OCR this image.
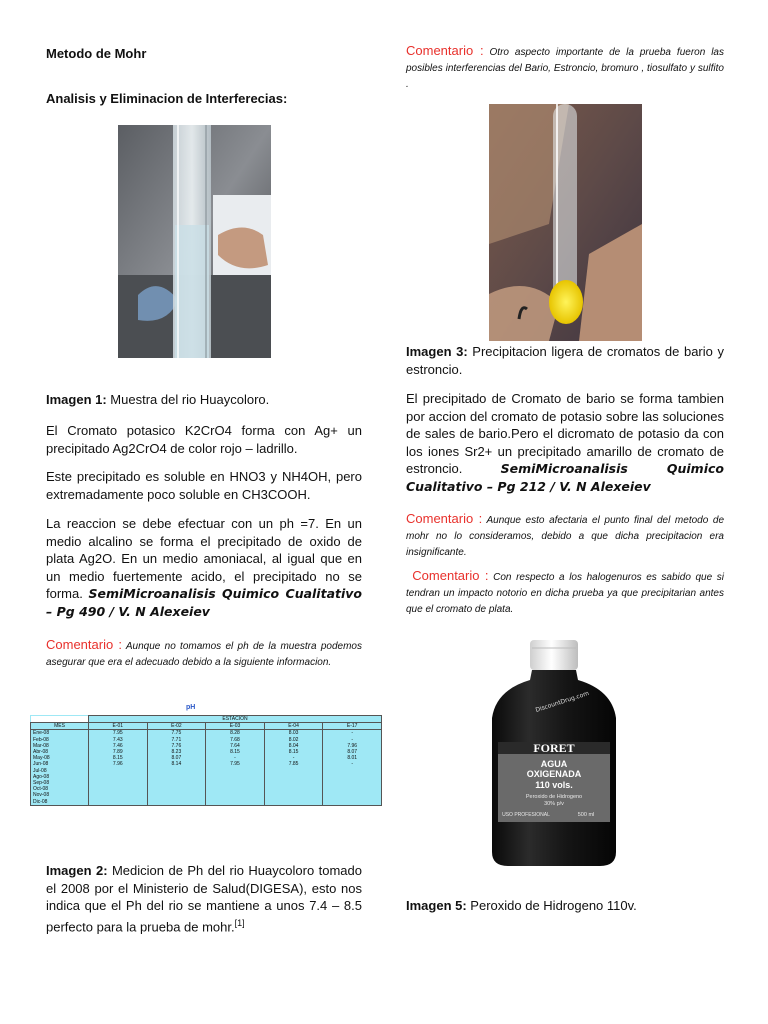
Metodo de Mohr
Analisis y Eliminacion de Interferecias:

Imagen 1: Muestra del rio Huaycoloro.

El Cromato potasico K2CrO4 forma con Ag+ un precipitado Ag2CrO4 de color rojo – ladrillo.

Este precipitado es soluble en HNO3 y NH4OH, pero extremadamente poco soluble en CH3COOH.

La reaccion se debe efectuar con un ph =7. En un medio alcalino se forma el precipitado de oxido de plata Ag2O. En un medio amoniacal, al igual que en un medio fuertemente acido, el precipitado no se forma. SemiMicroanalisis Quimico Cualitativo – Pg 490 / V. N Alexeiev

Comentario : Aunque no tomamos el ph de la muestra podemos asegurar que era el adecuado debido a la siguiente informacion.

pH
	ESTACION				
MES	E-01	E-02	E-03	E-04	E-17
Ene-08	7.95	7.75	8.28	8.03	-
Feb-08	7.43	7.71	7.68	8.02	-
Mar-08	7.46	7.76	7.64	8.04	7.96
Abr-08	7.89	8.23	8.15	8.15	8.07
May-08	8.15	8.07	-	-	8.01
Jun-08	7.96	8.14	7.95	7.85	-
Jul-08					
Ago-08					
Sep-08					
Oct-08					
Nov-08					
Dic-08					

Imagen 2: Medicion de Ph del rio Huaycoloro tomado el 2008 por el Ministerio de Salud(DIGESA), esto nos indica que el Ph del rio se mantiene a unos 7.4 – 8.5 perfecto para la prueba de mohr.[1]

Comentario : Otro aspecto importante de la prueba fueron las posibles interferencias del Bario, Estroncio, bromuro , tiosulfato y sulfito .

Imagen 3: Precipitacion ligera de cromatos de bario y estroncio.

El precipitado de Cromato de bario se forma tambien por accion del cromato de potasio sobre las soluciones de sales de bario.Pero el dicromato de potasio da con los iones Sr2+ un precipitado amarillo de cromato de estroncio.	SemiMicroanalisis Quimico Cualitativo – Pg 212 / V. N Alexeiev

Comentario : Aunque esto afectaria el punto final del metodo de mohr no lo consideramos, debido a que dicha precipitacion era insignificante.

Comentario : Con respecto a los halogenuros es sabido que si tendran un impacto notorio en dicha prueba ya que precipitarian antes que el cromato de plata.

DiscountDrug.com
FORET
AGUA
OXIGENADA
110 vols.
Peroxido de Hidrogeno
30% p/v
USO PROFESIONAL	500 ml

Imagen 5: Peroxido de Hidrogeno 110v.
